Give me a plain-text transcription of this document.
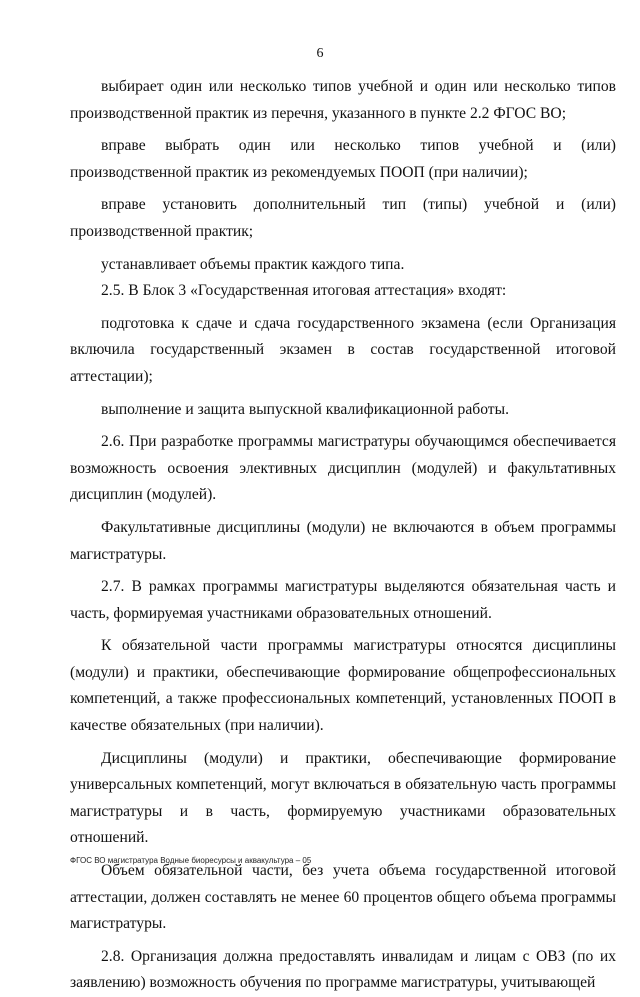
6

выбирает один или несколько типов учебной и один или несколько типов производственной практик из перечня, указанного в пункте 2.2 ФГОС ВО;

вправе выбрать один или несколько типов учебной и (или) производственной практик из рекомендуемых ПООП (при наличии);

вправе установить дополнительный тип (типы) учебной и (или) производственной практик;

устанавливает объемы практик каждого типа.

2.5. В Блок 3 «Государственная итоговая аттестация» входят:

подготовка к сдаче и сдача государственного экзамена (если Организация включила государственный экзамен в состав государственной итоговой аттестации);

выполнение и защита выпускной квалификационной работы.

2.6. При разработке программы магистратуры обучающимся обеспечивается возможность освоения элективных дисциплин (модулей) и факультативных дисциплин (модулей).

Факультативные дисциплины (модули) не включаются в объем программы магистратуры.

2.7. В рамках программы магистратуры выделяются обязательная часть и часть, формируемая участниками образовательных отношений.

К обязательной части программы магистратуры относятся дисциплины (модули) и практики, обеспечивающие формирование общепрофессиональных компетенций, а также профессиональных компетенций, установленных ПООП в качестве обязательных (при наличии).

Дисциплины (модули) и практики, обеспечивающие формирование универсальных компетенций, могут включаться в обязательную часть программы магистратуры и в часть, формируемую участниками образовательных отношений.

Объем обязательной части, без учета объема государственной итоговой аттестации, должен составлять не менее 60 процентов общего объема программы магистратуры.

2.8. Организация должна предоставлять инвалидам и лицам с ОВЗ (по их заявлению) возможность обучения по программе магистратуры, учитывающей

ФГОС ВО магистратура Водные биоресурсы и аквакультура – 05
